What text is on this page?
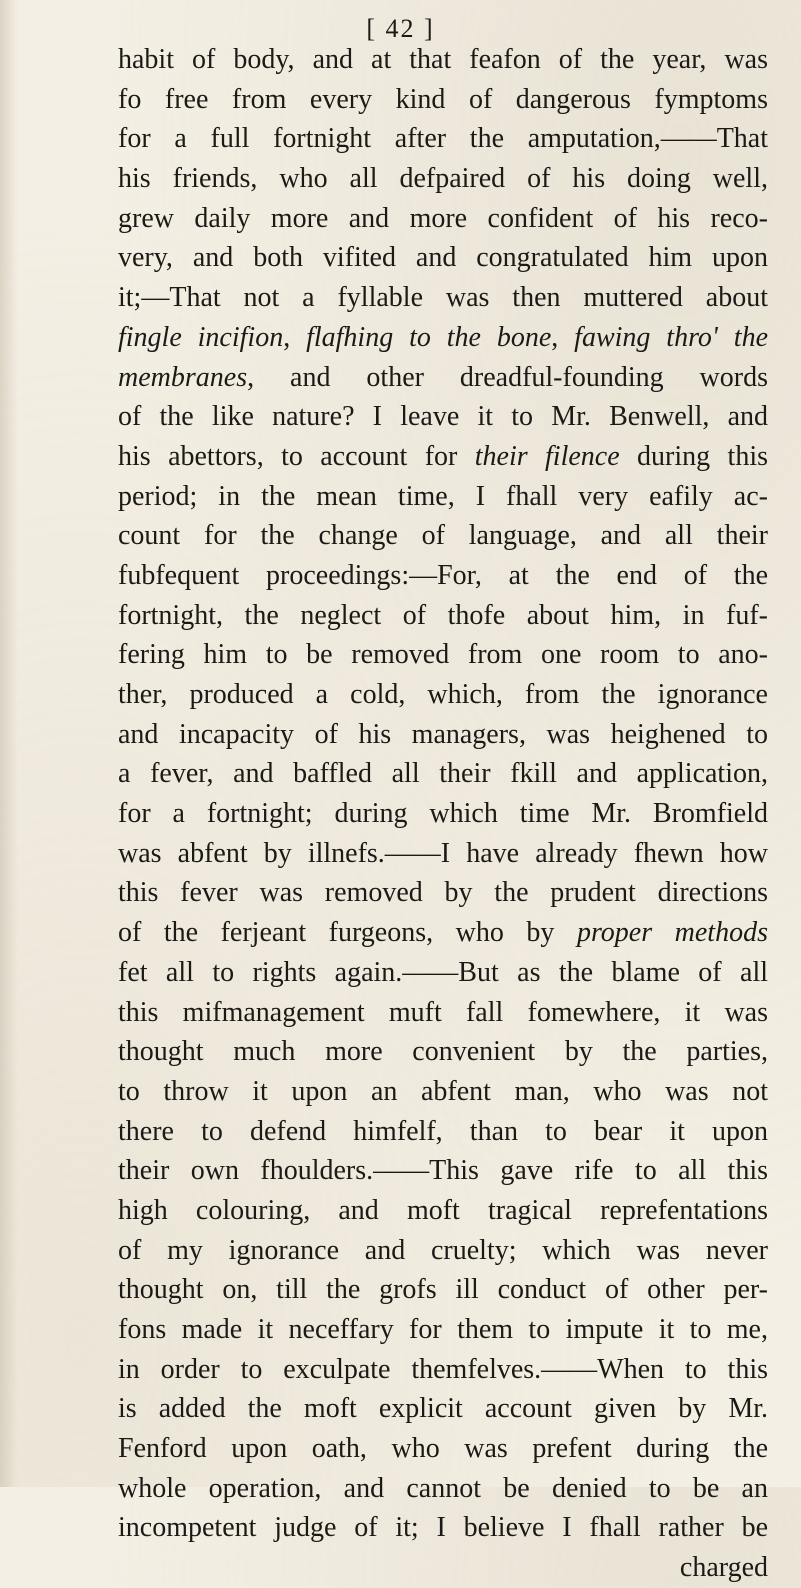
[ 42 ]
habit of body, and at that feafon of the year, was
fo free from every kind of dangerous fymptoms
for a full fortnight after the amputation,——That
his friends, who all defpaired of his doing well,
grew daily more and more confident of his reco-
very, and both vifited and congratulated him upon
it;—That not a fyllable was then muttered about
fingle incifion, flafhing to the bone, fawing thro' the
membranes, and other dreadful-founding words
of the like nature? I leave it to Mr. Benwell, and
his abettors, to account for their filence during this
period; in the mean time, I fhall very eafily ac-
count for the change of language, and all their
fubfequent proceedings:—For, at the end of the
fortnight, the neglect of thofe about him, in fuf-
fering him to be removed from one room to ano-
ther, produced a cold, which, from the ignorance
and incapacity of his managers, was heighened to
a fever, and baffled all their fkill and application,
for a fortnight; during which time Mr. Bromfield
was abfent by illnefs.——I have already fhewn how
this fever was removed by the prudent directions
of the ferjeant furgeons, who by proper methods
fet all to rights again.——But as the blame of all
this mifmanagement muft fall fomewhere, it was
thought much more convenient by the parties,
to throw it upon an abfent man, who was not
there to defend himfelf, than to bear it upon
their own fhoulders.——This gave rife to all this
high colouring, and moft tragical reprefentations
of my ignorance and cruelty; which was never
thought on, till the grofs ill conduct of other per-
fons made it neceffary for them to impute it to me,
in order to exculpate themfelves.——When to this
is added the moft explicit account given by Mr.
Fenford upon oath, who was prefent during the
whole operation, and cannot be denied to be an
incompetent judge of it; I believe I fhall rather be
charged
